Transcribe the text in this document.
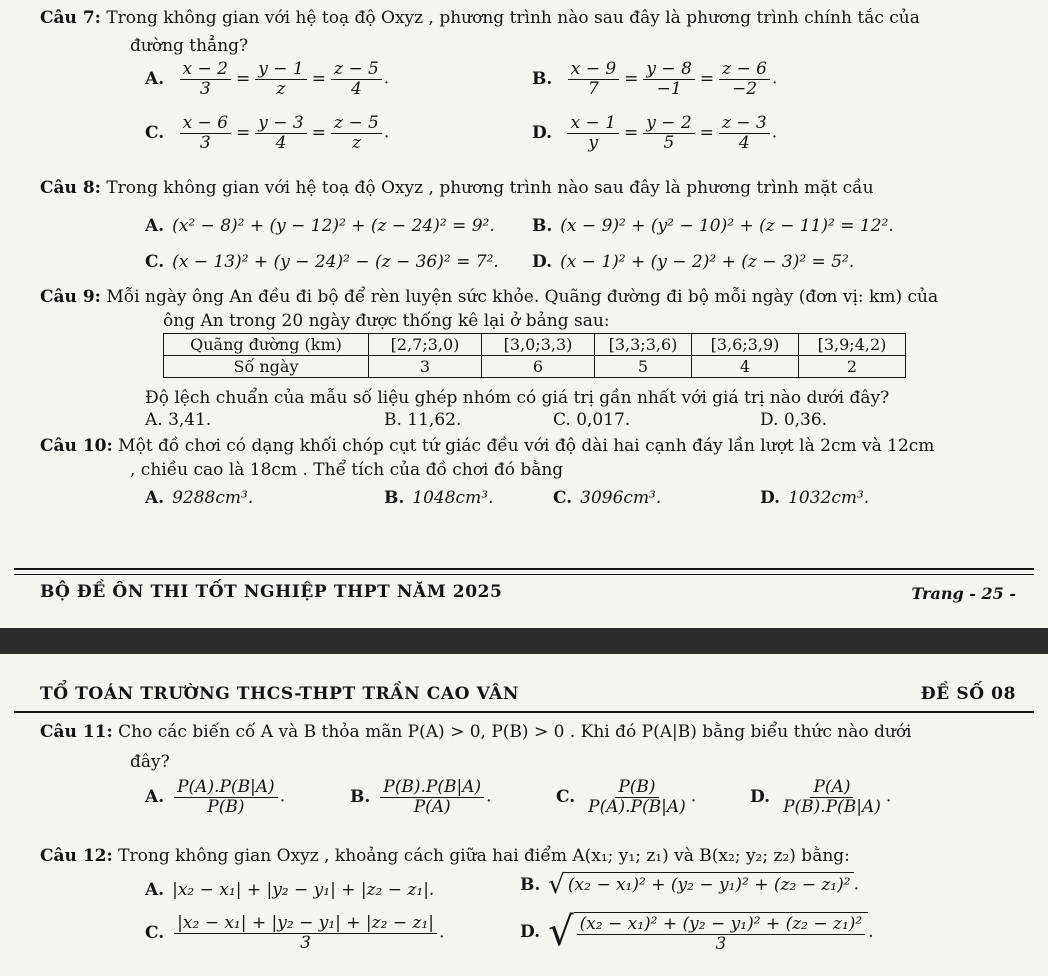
Câu 7: Trong không gian với hệ toạ độ Oxyz , phương trình nào sau đây là phương trình chính tắc của
đường thẳng?
A. $\frac{x - 2}{3} = \frac{y - 1}{z} = \frac{z - 5}{4}$ .	B. $\frac{x - 9}{7} = \frac{y - 8}{-1} = \frac{z - 6}{-2}$ .
C. $\frac{x - 6}{3} = \frac{y - 3}{4} = \frac{z - 5}{z}$ .	D. $\frac{x - 1}{y} = \frac{y - 2}{5} = \frac{z - 3}{4}$ .
Câu 8: Trong không gian với hệ toạ độ Oxyz , phương trình nào sau đây là phương trình mặt cầu
A. (x² − 8)² + (y − 12)² + (z − 24)² = 9². B. (x − 9)² + (y² − 10)² + (z − 11)² = 12².
C. (x − 13)² + (y − 24)² − (z − 36)² = 7². D. (x − 1)² + (y − 2)² + (z − 3)² = 5².
Câu 9: Mỗi ngày ông An đều đi bộ để rèn luyện sức khỏe. Quãng đường đi bộ mỗi ngày (đơn vị: km) của
ông An trong 20 ngày được thống kê lại ở bảng sau:
Quãng đường (km)	[2,7;3,0)	[3,0;3,3)	[3,3;3,6)	[3,6;3,9)	[3,9;4,2)
Số ngày	3	6	5	4	2
Độ lệch chuẩn của mẫu số liệu ghép nhóm có giá trị gần nhất với giá trị nào dưới đây?
A. 3,41.	B. 11,62.	C. 0,017.	D. 0,36.
Câu 10: Một đồ chơi có dạng khối chóp cụt tứ giác đều với độ dài hai cạnh đáy lần lượt là 2cm và 12cm
, chiều cao là 18cm . Thể tích của đồ chơi đó bằng
A. 9288cm³.	B. 1048cm³.	C. 3096cm³.	D. 1032cm³.
BỘ ĐỀ ÔN THI TỐT NGHIỆP THPT NĂM 2025	Trang - 25 -
TỔ TOÁN TRƯỜNG THCS-THPT TRẦN CAO VÂN	ĐỀ SỐ 08
Câu 11: Cho các biến cố A và B thỏa mãn P(A) > 0, P(B) > 0 . Khi đó P(A|B) bằng biểu thức nào dưới
đây?
A. $\frac{P(A).P(B|A)}{P(B)}$ .	B. $\frac{P(B).P(B|A)}{P(A)}$ .	C. $\frac{P(B)}{P(A).P(B|A)}$ .	D. $\frac{P(A)}{P(B).P(B|A)}$ .
Câu 12: Trong không gian Oxyz , khoảng cách giữa hai điểm A(x₁; y₁; z₁) và B(x₂; y₂; z₂) bằng:
A. |x₂ − x₁| + |y₂ − y₁| + |z₂ − z₁|.	B. √ (x₂ − x₁)² + (y₂ − y₁)² + (z₂ − z₁)² .
C. $\frac{\text{|x₂ − x₁| + |y₂ − y₁| + |z₂ − z₁|}}{3}$ .	D. √ $\frac{\text{(x₂ − x₁)² + (y₂ − y₁)² + (z₂ − z₁)²}}{3}$ .
